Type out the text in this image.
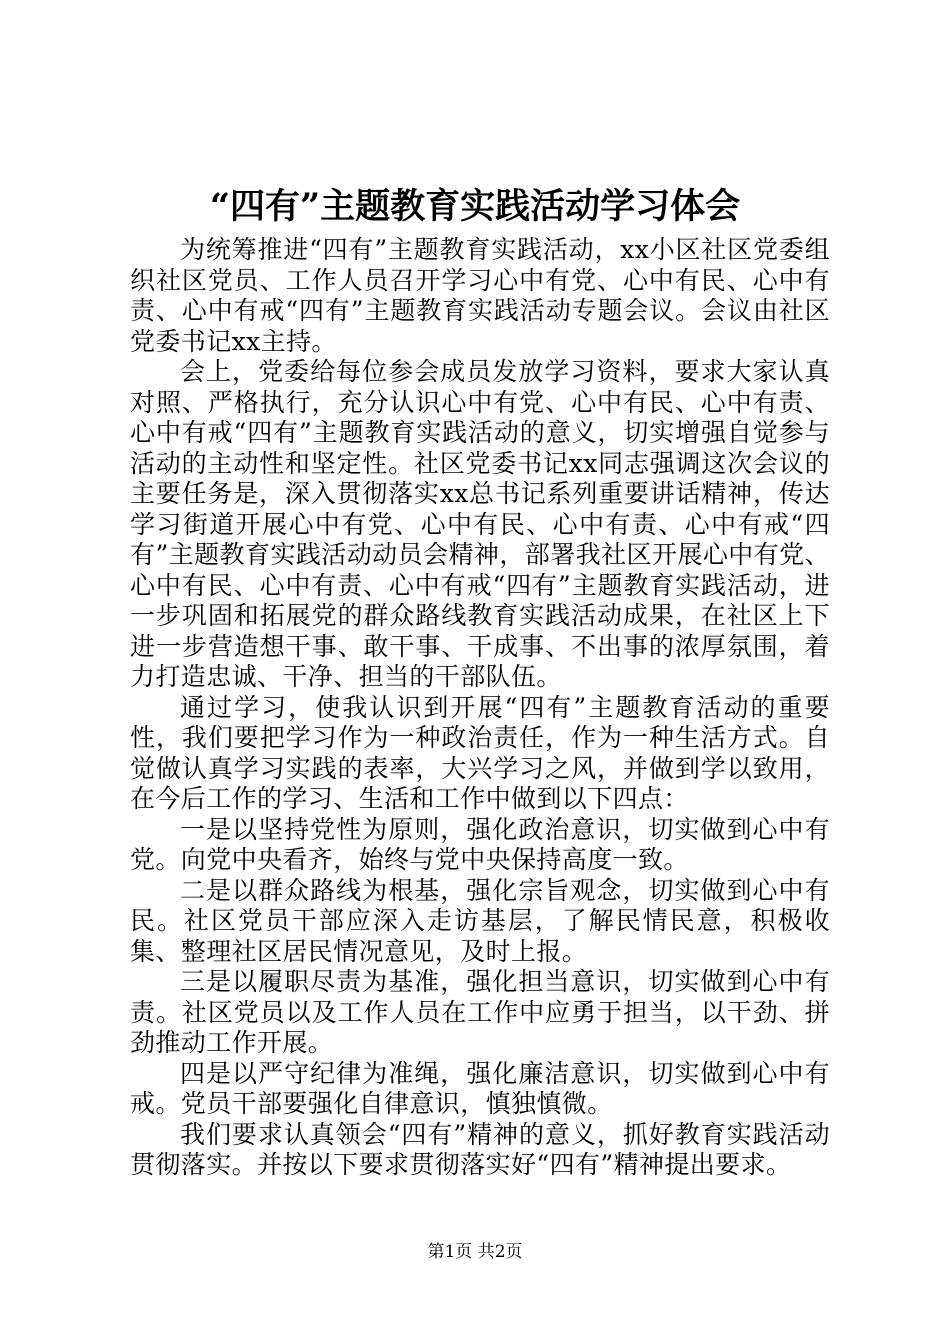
“四有”主题教育实践活动学习体会

为统筹推进“四有”主题教育实践活动，xx小区社区党委组织社区党员、工作人员召开学习心中有党、心中有民、心中有责、心中有戒“四有”主题教育实践活动专题会议。会议由社区党委书记xx主持。

会上，党委给每位参会成员发放学习资料，要求大家认真对照、严格执行，充分认识心中有党、心中有民、心中有责、心中有戒“四有”主题教育实践活动的意义，切实增强自觉参与活动的主动性和坚定性。社区党委书记xx同志强调这次会议的主要任务是，深入贯彻落实xx总书记系列重要讲话精神，传达学习街道开展心中有党、心中有民、心中有责、心中有戒“四有”主题教育实践活动动员会精神，部署我社区开展心中有党、心中有民、心中有责、心中有戒“四有”主题教育实践活动，进一步巩固和拓展党的群众路线教育实践活动成果，在社区上下进一步营造想干事、敢干事、干成事、不出事的浓厚氛围，着力打造忠诚、干净、担当的干部队伍。

通过学习，使我认识到开展“四有”主题教育活动的重要性，我们要把学习作为一种政治责任，作为一种生活方式。自觉做认真学习实践的表率，大兴学习之风，并做到学以致用，在今后工作的学习、生活和工作中做到以下四点：

一是以坚持党性为原则，强化政治意识，切实做到心中有党。向党中央看齐，始终与党中央保持高度一致。

二是以群众路线为根基，强化宗旨观念，切实做到心中有民。社区党员干部应深入走访基层，了解民情民意，积极收集、整理社区居民情况意见，及时上报。

三是以履职尽责为基准，强化担当意识，切实做到心中有责。社区党员以及工作人员在工作中应勇于担当，以干劲、拼劲推动工作开展。

四是以严守纪律为准绳，强化廉洁意识，切实做到心中有戒。党员干部要强化自律意识，慎独慎微。

我们要求认真领会“四有”精神的意义，抓好教育实践活动贯彻落实。并按以下要求贯彻落实好“四有”精神提出要求。

第1页 共2页
